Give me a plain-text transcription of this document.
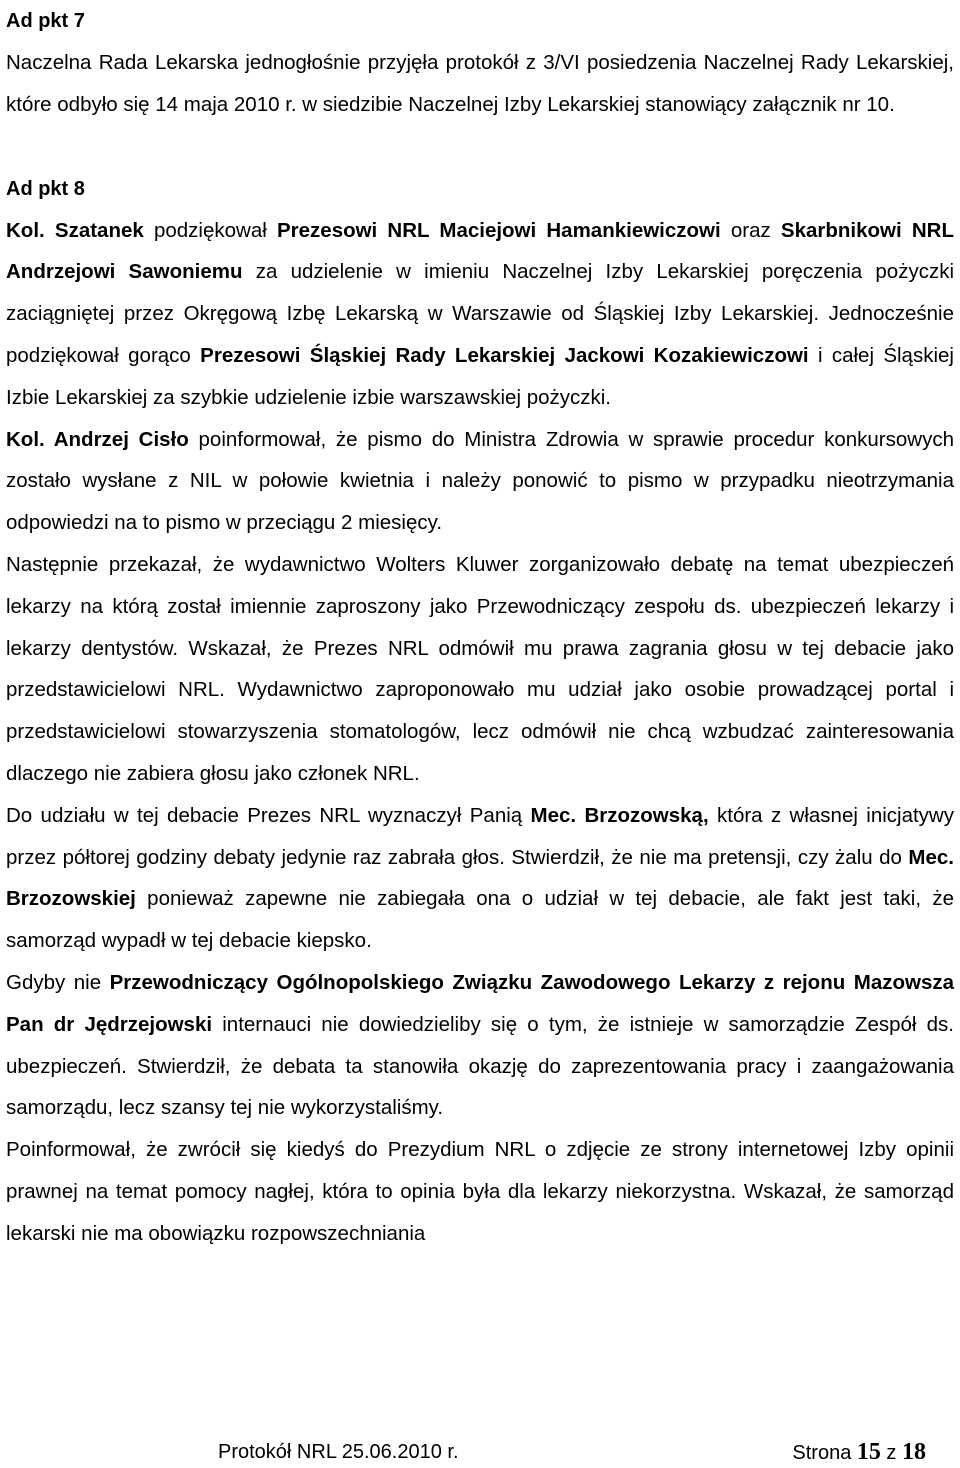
Ad pkt 7

Naczelna Rada Lekarska jednogłośnie przyjęła protokół z 3/VI posiedzenia Naczelnej Rady Lekarskiej, które odbyło się 14 maja 2010 r. w siedzibie Naczelnej Izby Lekarskiej stanowiący załącznik nr 10.

Ad pkt 8

Kol. Szatanek podziękował Prezesowi NRL Maciejowi Hamankiewiczowi oraz Skarbnikowi NRL Andrzejowi Sawoniemu za udzielenie w imieniu Naczelnej Izby Lekarskiej poręczenia pożyczki zaciągniętej przez Okręgową Izbę Lekarską w Warszawie od Śląskiej Izby Lekarskiej. Jednocześnie podziękował gorąco Prezesowi Śląskiej Rady Lekarskiej Jackowi Kozakiewiczowi i całej Śląskiej Izbie Lekarskiej za szybkie udzielenie izbie warszawskiej pożyczki.

Kol. Andrzej Cisło poinformował, że pismo do Ministra Zdrowia w sprawie procedur konkursowych zostało wysłane z NIL w połowie kwietnia i należy ponowić to pismo w przypadku nieotrzymania odpowiedzi na to pismo w przeciągu 2 miesięcy.

Następnie przekazał, że wydawnictwo Wolters Kluwer zorganizowało debatę na temat ubezpieczeń lekarzy na którą został imiennie zaproszony jako Przewodniczący zespołu ds. ubezpieczeń lekarzy i lekarzy dentystów. Wskazał, że Prezes NRL odmówił mu prawa zagrania głosu w tej debacie jako przedstawicielowi NRL. Wydawnictwo zaproponowało mu udział jako osobie prowadzącej portal i przedstawicielowi stowarzyszenia stomatologów, lecz odmówił nie chcą wzbudzać zainteresowania dlaczego nie zabiera głosu jako członek NRL.

Do udziału w tej debacie Prezes NRL wyznaczył Panią Mec. Brzozowską, która z własnej inicjatywy przez półtorej godziny debaty jedynie raz zabrała głos. Stwierdził, że nie ma pretensji, czy żalu do Mec. Brzozowskiej ponieważ zapewne nie zabiegała ona o udział w tej debacie, ale fakt jest taki, że samorząd wypadł w tej debacie kiepsko.

Gdyby nie Przewodniczący Ogólnopolskiego Związku Zawodowego Lekarzy z rejonu Mazowsza Pan dr Jędrzejowski internauci nie dowiedzieliby się o tym, że istnieje w samorządzie Zespół ds. ubezpieczeń. Stwierdził, że debata ta stanowiła okazję do zaprezentowania pracy i zaangażowania samorządu, lecz szansy tej nie wykorzystaliśmy.

Poinformował, że zwrócił się kiedyś do Prezydium NRL o zdjęcie ze strony internetowej Izby opinii prawnej na temat pomocy nagłej, która to opinia była dla lekarzy niekorzystna. Wskazał, że samorząd lekarski nie ma obowiązku rozpowszechniania

Protokół NRL 25.06.2010 r.	Strona 15 z 18
